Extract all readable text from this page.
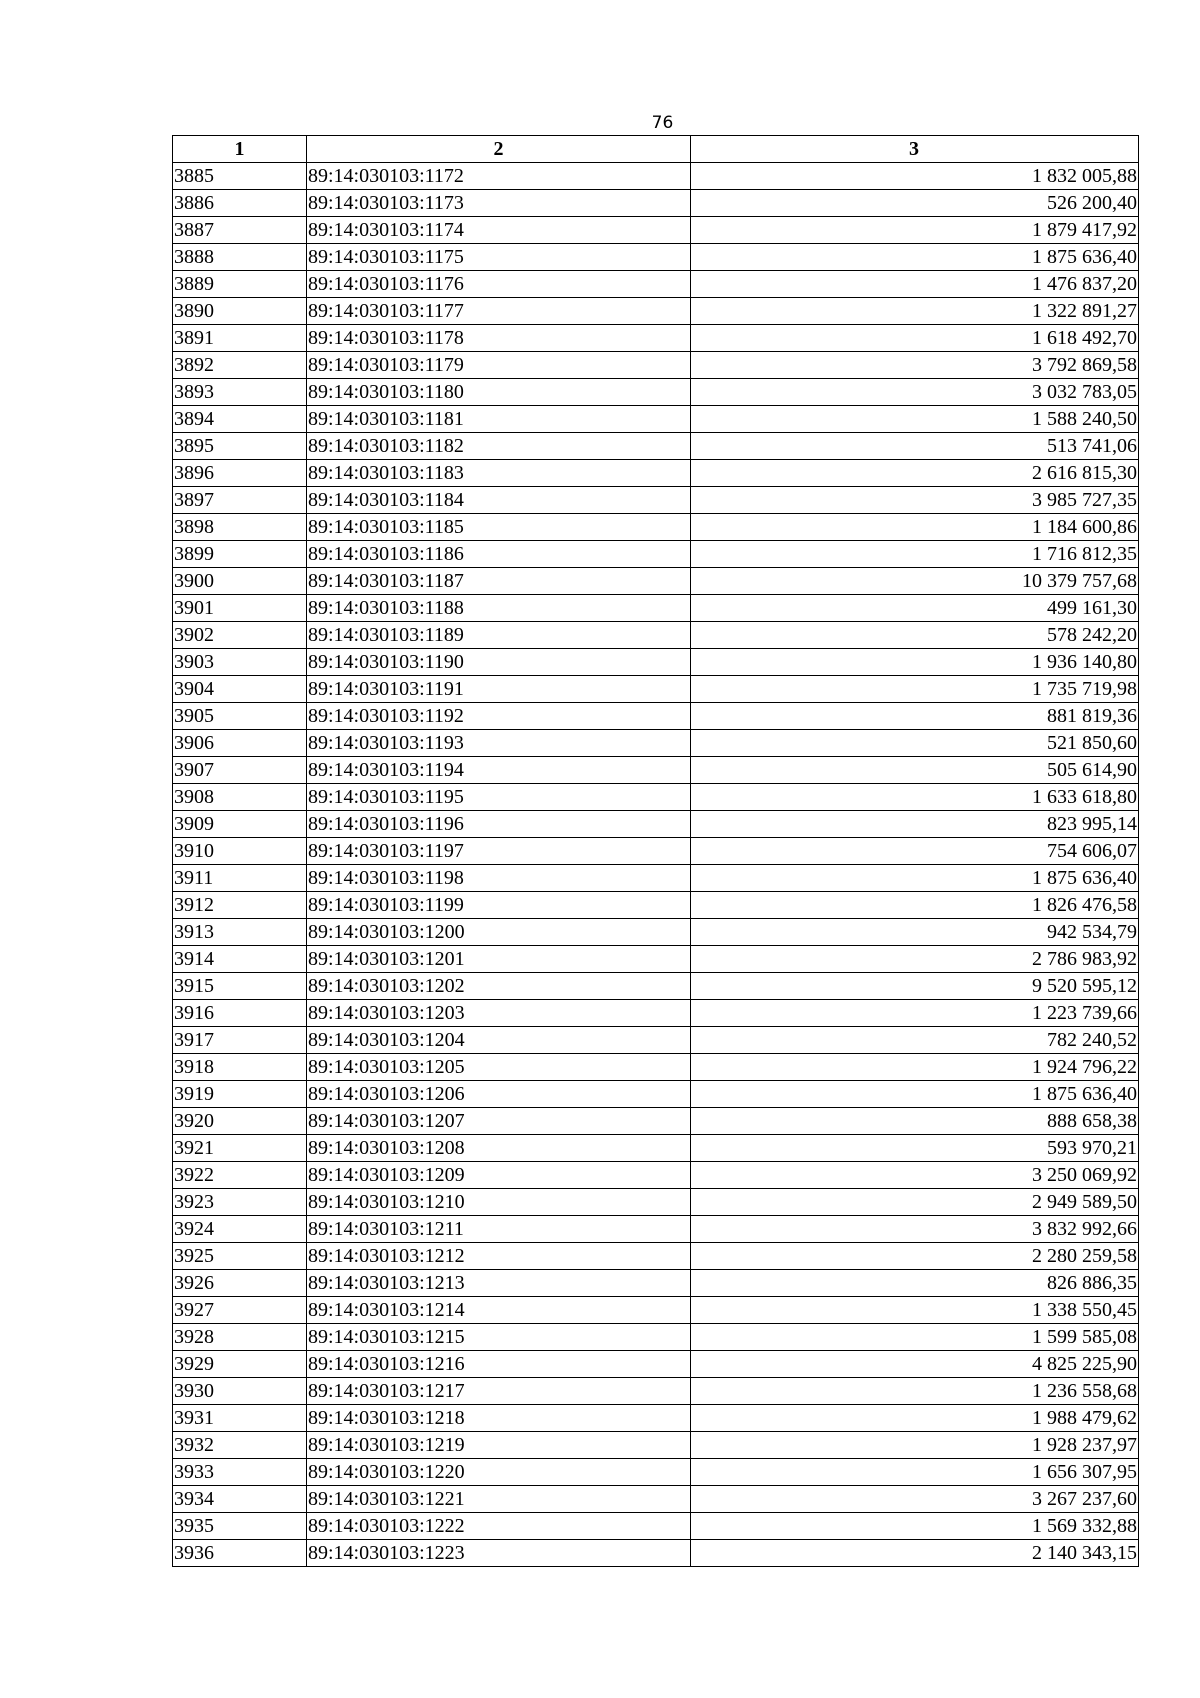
76
1	2	3
3885	89:14:030103:1172	1 832 005,88
3886	89:14:030103:1173	526 200,40
3887	89:14:030103:1174	1 879 417,92
3888	89:14:030103:1175	1 875 636,40
3889	89:14:030103:1176	1 476 837,20
3890	89:14:030103:1177	1 322 891,27
3891	89:14:030103:1178	1 618 492,70
3892	89:14:030103:1179	3 792 869,58
3893	89:14:030103:1180	3 032 783,05
3894	89:14:030103:1181	1 588 240,50
3895	89:14:030103:1182	513 741,06
3896	89:14:030103:1183	2 616 815,30
3897	89:14:030103:1184	3 985 727,35
3898	89:14:030103:1185	1 184 600,86
3899	89:14:030103:1186	1 716 812,35
3900	89:14:030103:1187	10 379 757,68
3901	89:14:030103:1188	499 161,30
3902	89:14:030103:1189	578 242,20
3903	89:14:030103:1190	1 936 140,80
3904	89:14:030103:1191	1 735 719,98
3905	89:14:030103:1192	881 819,36
3906	89:14:030103:1193	521 850,60
3907	89:14:030103:1194	505 614,90
3908	89:14:030103:1195	1 633 618,80
3909	89:14:030103:1196	823 995,14
3910	89:14:030103:1197	754 606,07
3911	89:14:030103:1198	1 875 636,40
3912	89:14:030103:1199	1 826 476,58
3913	89:14:030103:1200	942 534,79
3914	89:14:030103:1201	2 786 983,92
3915	89:14:030103:1202	9 520 595,12
3916	89:14:030103:1203	1 223 739,66
3917	89:14:030103:1204	782 240,52
3918	89:14:030103:1205	1 924 796,22
3919	89:14:030103:1206	1 875 636,40
3920	89:14:030103:1207	888 658,38
3921	89:14:030103:1208	593 970,21
3922	89:14:030103:1209	3 250 069,92
3923	89:14:030103:1210	2 949 589,50
3924	89:14:030103:1211	3 832 992,66
3925	89:14:030103:1212	2 280 259,58
3926	89:14:030103:1213	826 886,35
3927	89:14:030103:1214	1 338 550,45
3928	89:14:030103:1215	1 599 585,08
3929	89:14:030103:1216	4 825 225,90
3930	89:14:030103:1217	1 236 558,68
3931	89:14:030103:1218	1 988 479,62
3932	89:14:030103:1219	1 928 237,97
3933	89:14:030103:1220	1 656 307,95
3934	89:14:030103:1221	3 267 237,60
3935	89:14:030103:1222	1 569 332,88
3936	89:14:030103:1223	2 140 343,15
